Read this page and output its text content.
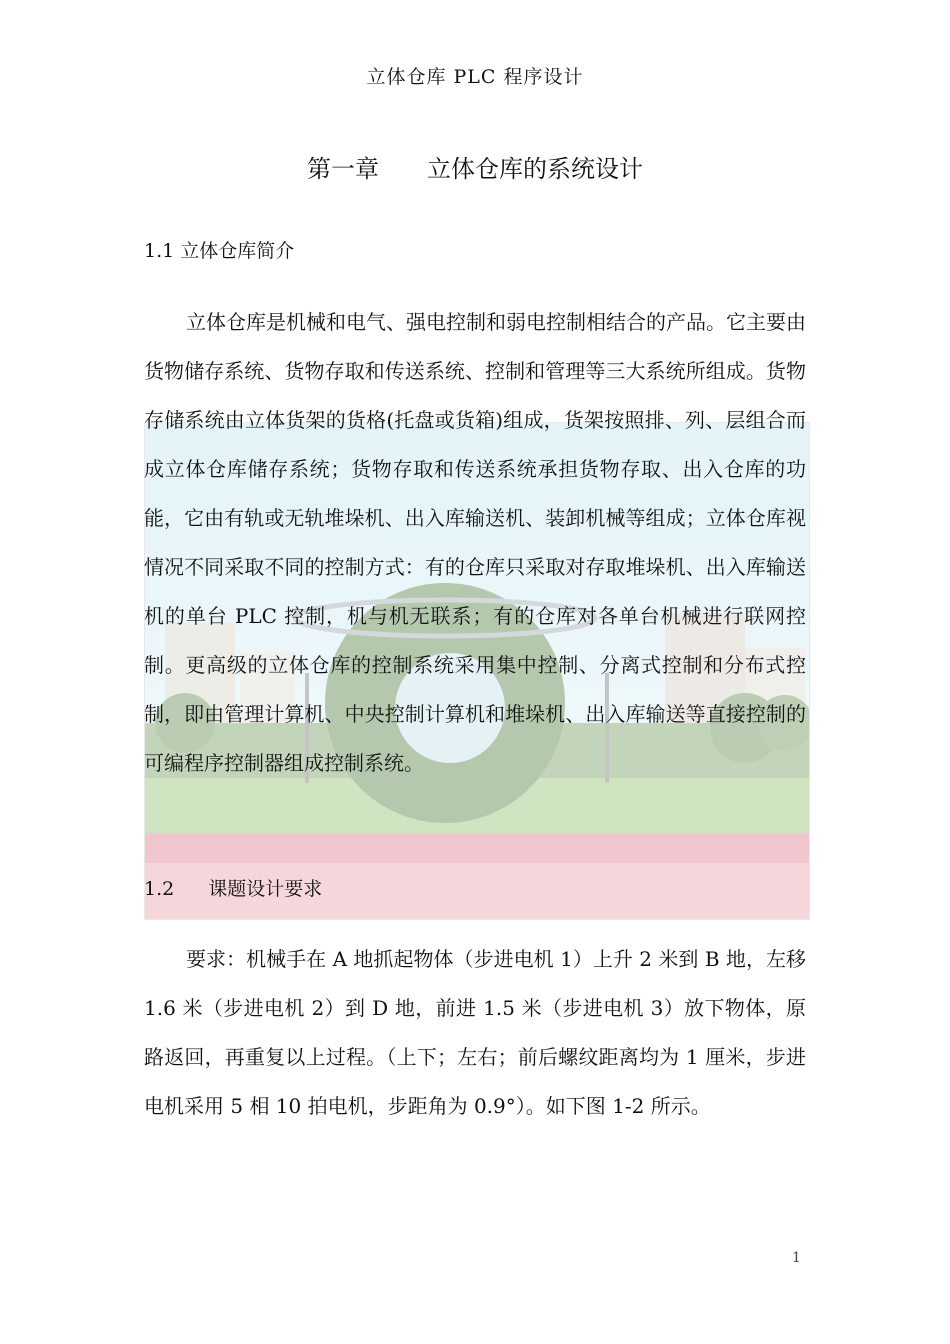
立体仓库 PLC 程序设计
第一章 立体仓库的系统设计
1.1 立体仓库简介

立体仓库是机械和电气、强电控制和弱电控制相结合的产品。它主要由货物储存系统、货物存取和传送系统、控制和管理等三大系统所组成。货物存储系统由立体货架的货格(托盘或货箱)组成，货架按照排、列、层组合而成立体仓库储存系统；货物存取和传送系统承担货物存取、出入仓库的功能，它由有轨或无轨堆垛机、出入库输送机、装卸机械等组成；立体仓库视情况不同采取不同的控制方式：有的仓库只采取对存取堆垛机、出入库输送机的单台 PLC 控制，机与机无联系；有的仓库对各单台机械进行联网控制。更高级的立体仓库的控制系统采用集中控制、分离式控制和分布式控制，即由管理计算机、中央控制计算机和堆垛机、出入库输送等直接控制的可编程序控制器组成控制系统。

1.2 课题设计要求

要求：机械手在 A 地抓起物体（步进电机 1）上升 2 米到 B 地，左移 1.6 米（步进电机 2）到 D 地，前进 1.5 米（步进电机 3）放下物体，原路返回，再重复以上过程。（上下；左右；前后螺纹距离均为 1 厘米，步进电机采用 5 相 10 拍电机，步距角为 0.9°）。如下图 1-2 所示。

1
